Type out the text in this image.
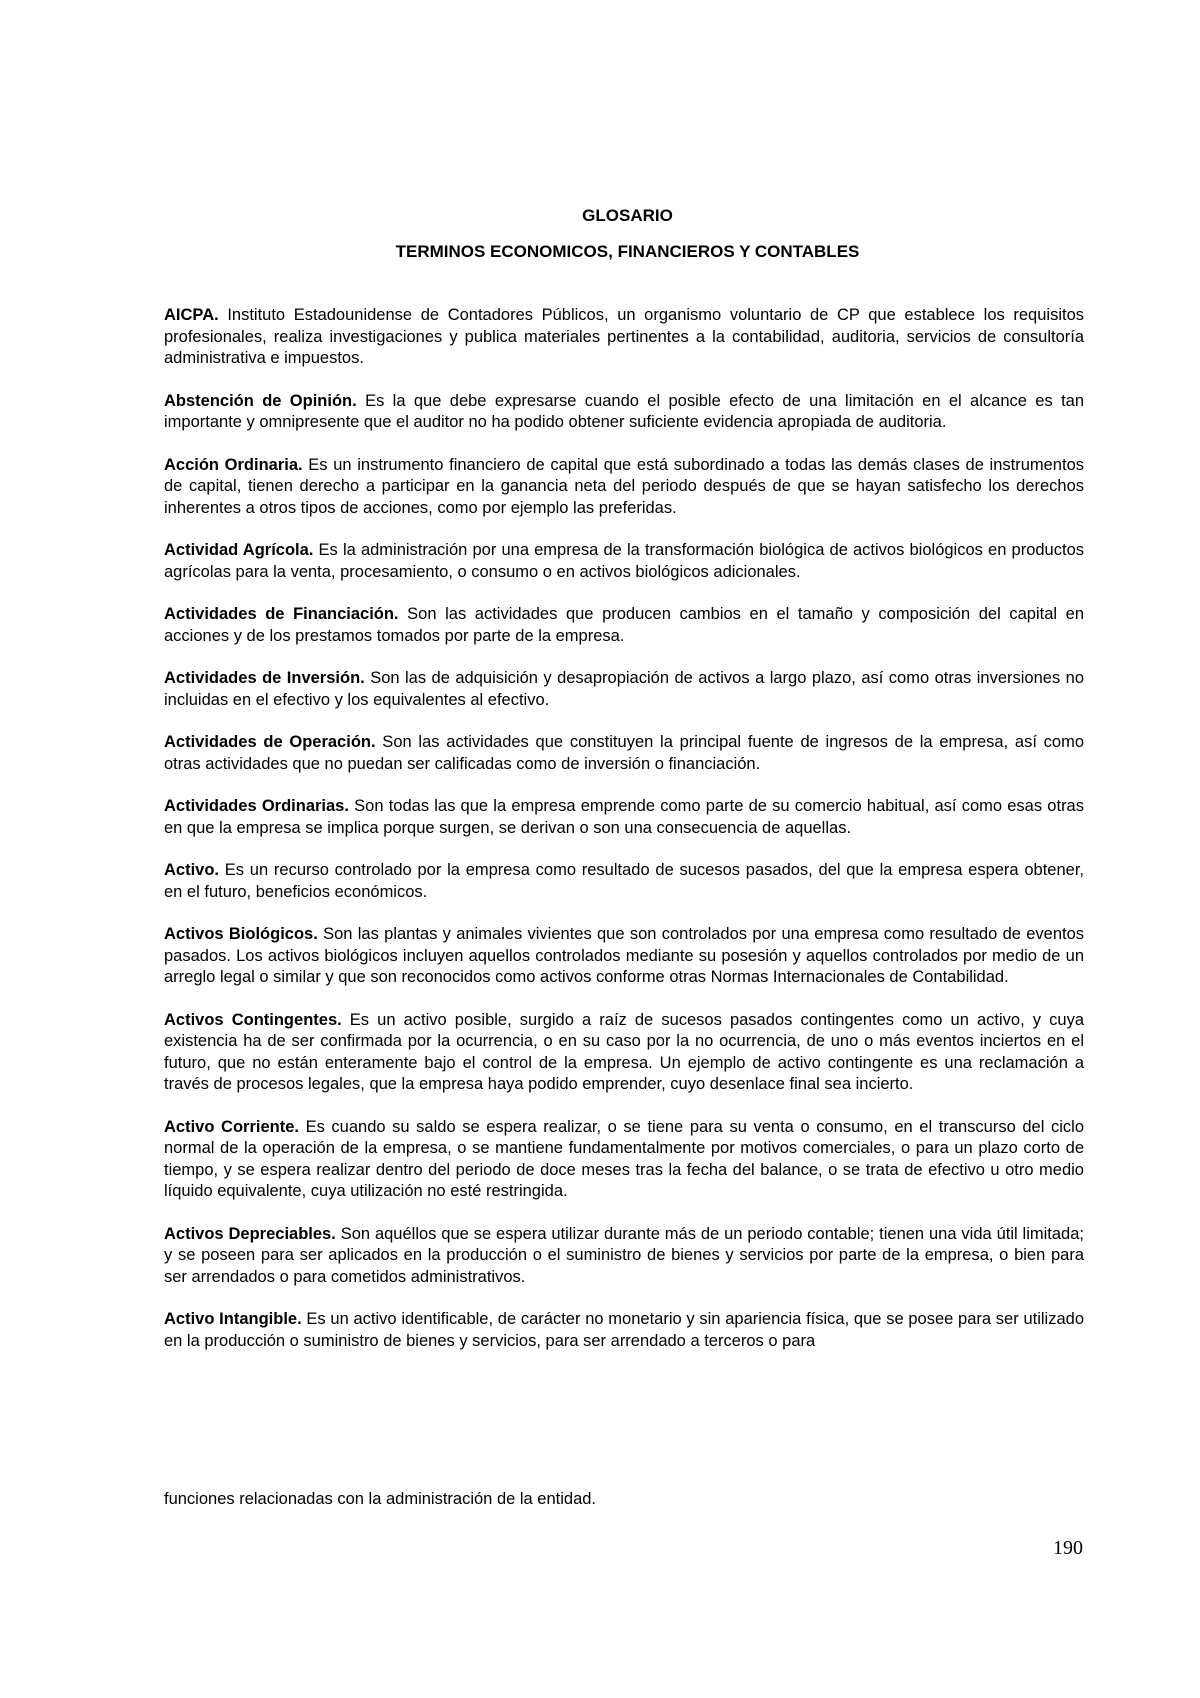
GLOSARIO

TERMINOS ECONOMICOS, FINANCIEROS Y CONTABLES

AICPA. Instituto Estadounidense de Contadores Públicos, un organismo voluntario de CP que establece los requisitos profesionales, realiza investigaciones y publica materiales pertinentes a la contabilidad, auditoria, servicios de consultoría administrativa e impuestos.

Abstención de Opinión. Es la que debe expresarse cuando el posible efecto de una limitación en el alcance es tan importante y omnipresente que el auditor no ha podido obtener suficiente evidencia apropiada de auditoria.

Acción Ordinaria. Es un instrumento financiero de capital que está subordinado a todas las demás clases de instrumentos de capital, tienen derecho a participar en la ganancia neta del periodo después de que se hayan satisfecho los derechos inherentes a otros tipos de acciones, como por ejemplo las preferidas.

Actividad Agrícola. Es la administración por una empresa de la transformación biológica de activos biológicos en productos agrícolas para la venta, procesamiento, o consumo o en activos biológicos adicionales.

Actividades de Financiación. Son las actividades que producen cambios en el tamaño y composición del capital en acciones y de los prestamos tomados por parte de la empresa.

Actividades de Inversión. Son las de adquisición y desapropiación de activos a largo plazo, así como otras inversiones no incluidas en el efectivo y los equivalentes al efectivo.

Actividades de Operación. Son las actividades que constituyen la principal fuente de ingresos de la empresa, así como otras actividades que no puedan ser calificadas como de inversión o financiación.

Actividades Ordinarias. Son todas las que la empresa emprende como parte de su comercio habitual, así como esas otras en que la empresa se implica porque surgen, se derivan o son una consecuencia de aquellas.

Activo. Es un recurso controlado por la empresa como resultado de sucesos pasados, del que la empresa espera obtener, en el futuro, beneficios económicos.

Activos Biológicos. Son las plantas y animales vivientes que son controlados por una empresa como resultado de eventos pasados. Los activos biológicos incluyen aquellos controlados mediante su posesión y aquellos controlados por medio de un arreglo legal o similar y que son reconocidos como activos conforme otras Normas Internacionales de Contabilidad.

Activos Contingentes. Es un activo posible, surgido a raíz de sucesos pasados contingentes como un activo, y cuya existencia ha de ser confirmada por la ocurrencia, o en su caso por la no ocurrencia, de uno o más eventos inciertos en el futuro, que no están enteramente bajo el control de la empresa. Un ejemplo de activo contingente es una reclamación a través de procesos legales, que la empresa haya podido emprender, cuyo desenlace final sea incierto.

Activo Corriente. Es cuando su saldo se espera realizar, o se tiene para su venta o consumo, en el transcurso del ciclo normal de la operación de la empresa, o se mantiene fundamentalmente por motivos comerciales, o para un plazo corto de tiempo, y se espera realizar dentro del periodo de doce meses tras la fecha del balance, o se trata de efectivo u otro medio líquido equivalente, cuya utilización no esté restringida.

Activos Depreciables. Son aquéllos que se espera utilizar durante más de un periodo contable; tienen una vida útil limitada; y se poseen para ser aplicados en la producción o el suministro de bienes y servicios por parte de la empresa, o bien para ser arrendados o para cometidos administrativos.

Activo Intangible. Es un activo identificable, de carácter no monetario y sin apariencia física, que se posee para ser utilizado en la producción o suministro de bienes y servicios, para ser arrendado a terceros o para

funciones relacionadas con la administración de la entidad.

190
